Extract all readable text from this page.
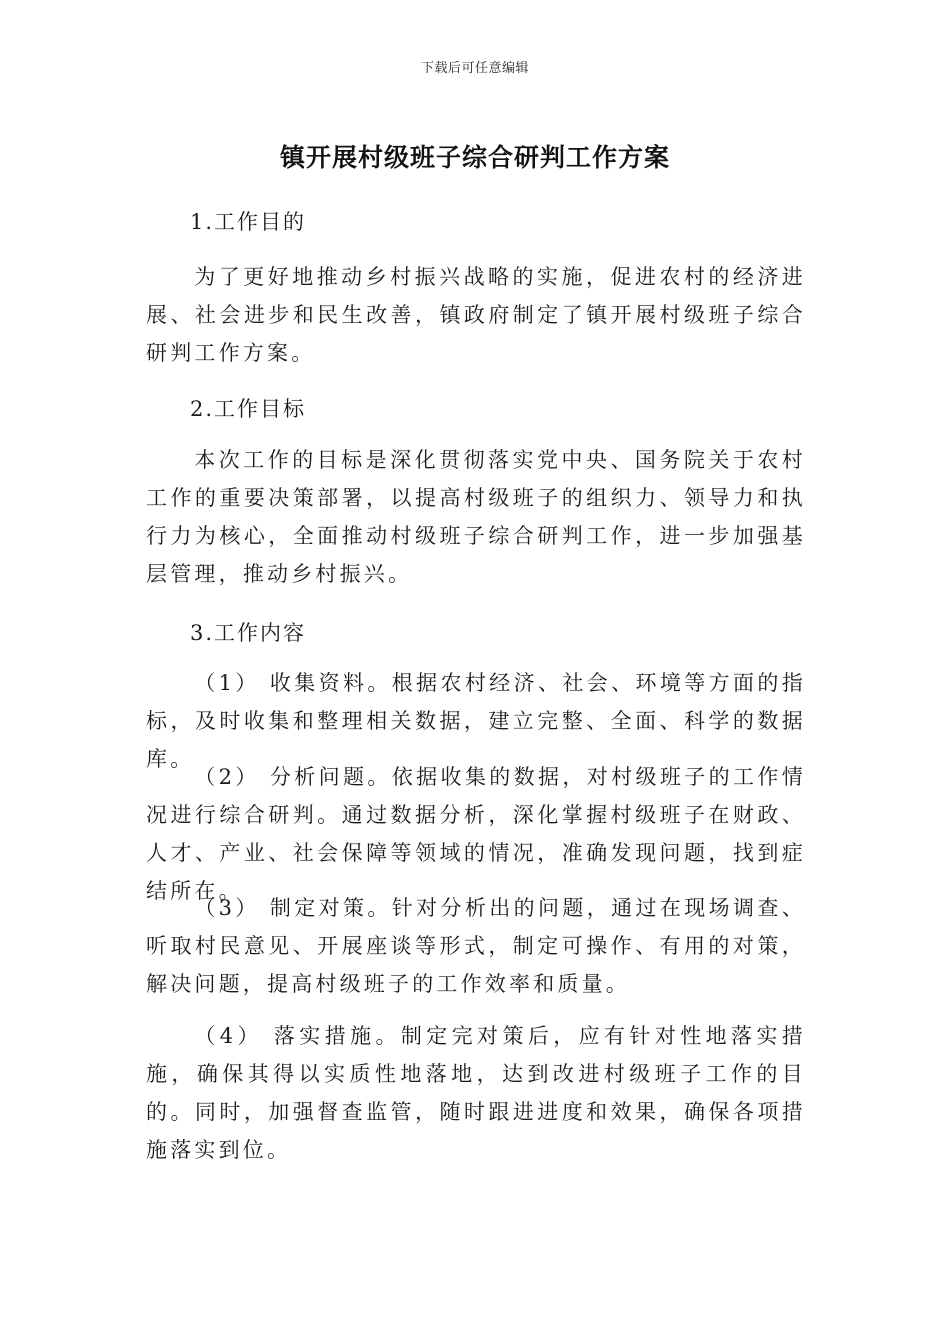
下载后可任意编辑
镇开展村级班子综合研判工作方案
1.工作目的

为了更好地推动乡村振兴战略的实施，促进农村的经济进展、社会进步和民生改善，镇政府制定了镇开展村级班子综合研判工作方案。

2.工作目标

本次工作的目标是深化贯彻落实党中央、国务院关于农村工作的重要决策部署，以提高村级班子的组织力、领导力和执行力为核心，全面推动村级班子综合研判工作，进一步加强基层管理，推动乡村振兴。

3.工作内容

（1） 收集资料。根据农村经济、社会、环境等方面的指标，及时收集和整理相关数据，建立完整、全面、科学的数据库。

（2） 分析问题。依据收集的数据，对村级班子的工作情况进行综合研判。通过数据分析，深化掌握村级班子在财政、人才、产业、社会保障等领域的情况，准确发现问题，找到症结所在。

（3） 制定对策。针对分析出的问题，通过在现场调查、听取村民意见、开展座谈等形式，制定可操作、有用的对策，解决问题，提高村级班子的工作效率和质量。

（4） 落实措施。制定完对策后，应有针对性地落实措施，确保其得以实质性地落地，达到改进村级班子工作的目的。同时，加强督查监管，随时跟进进度和效果，确保各项措施落实到位。
